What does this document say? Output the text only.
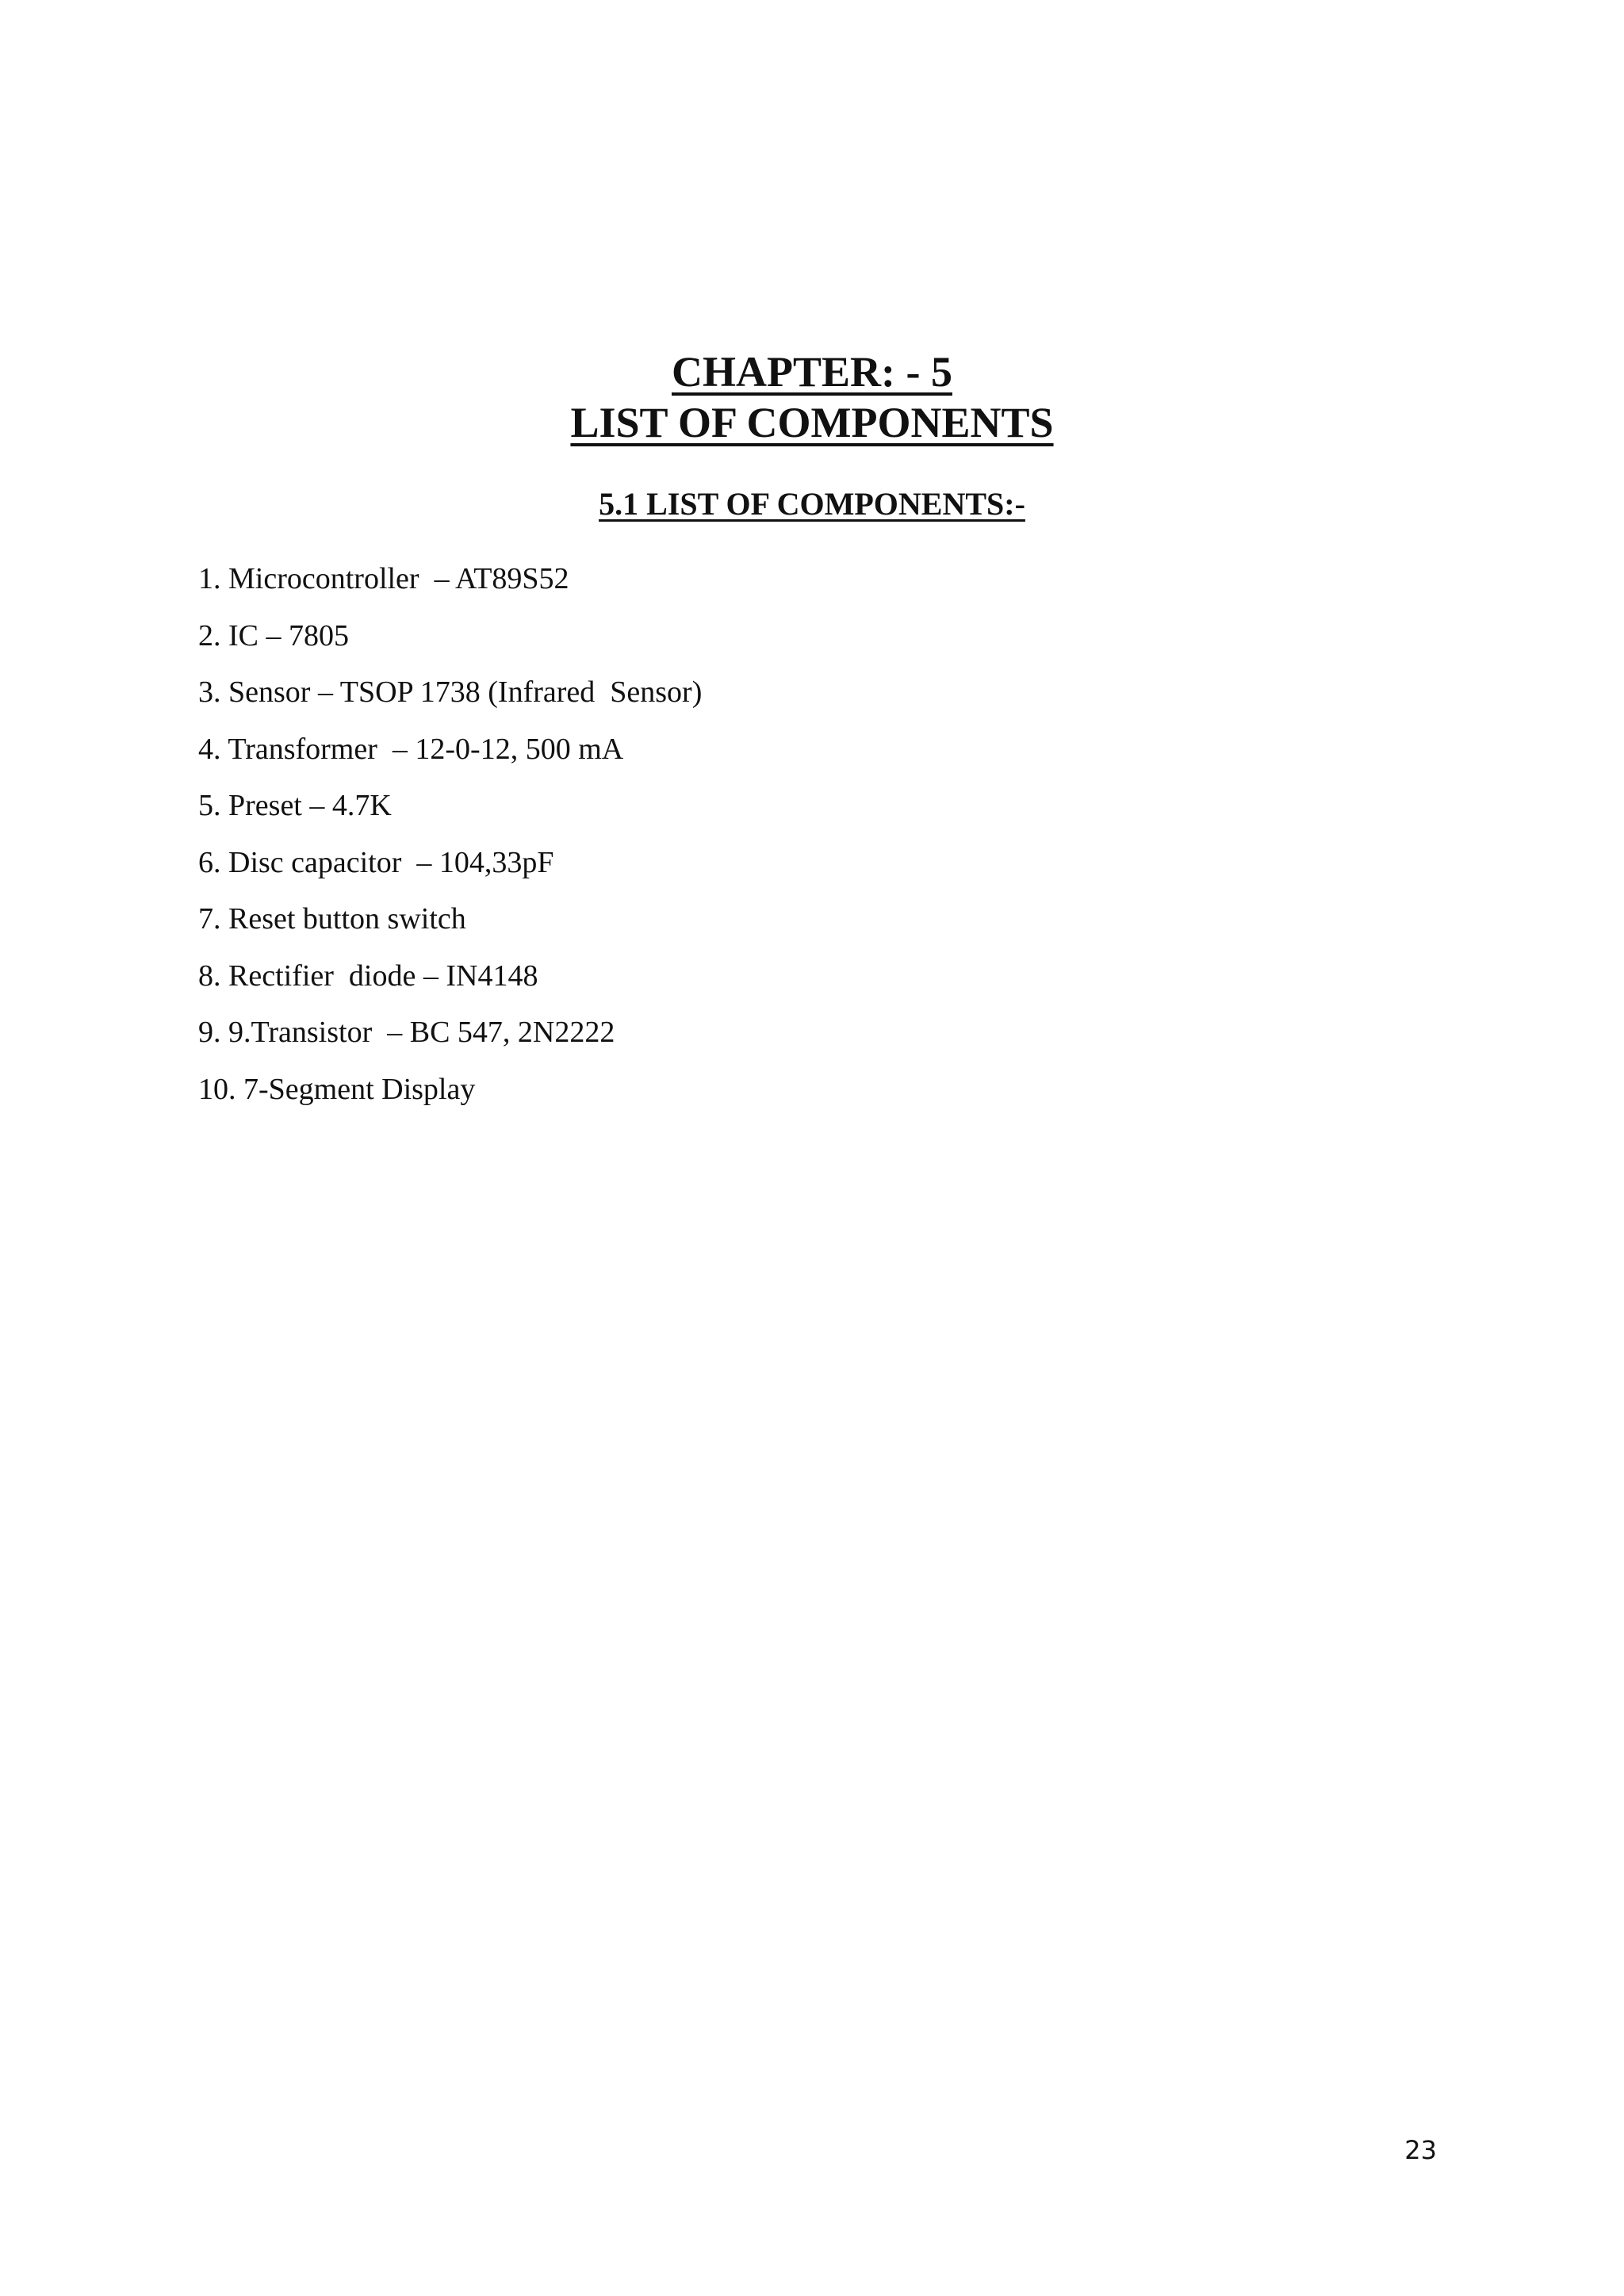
CHAPTER: - 5
LIST OF COMPONENTS
5.1 LIST OF COMPONENTS:-
1. Microcontroller  – AT89S52
2. IC – 7805
3. Sensor – TSOP 1738 (Infrared  Sensor)
4. Transformer  – 12-0-12, 500 mA
5. Preset – 4.7K
6. Disc capacitor  – 104,33pF
7. Reset button switch
8. Rectifier  diode – IN4148
9. 9.Transistor  – BC 547, 2N2222
10. 7-Segment Display
23
